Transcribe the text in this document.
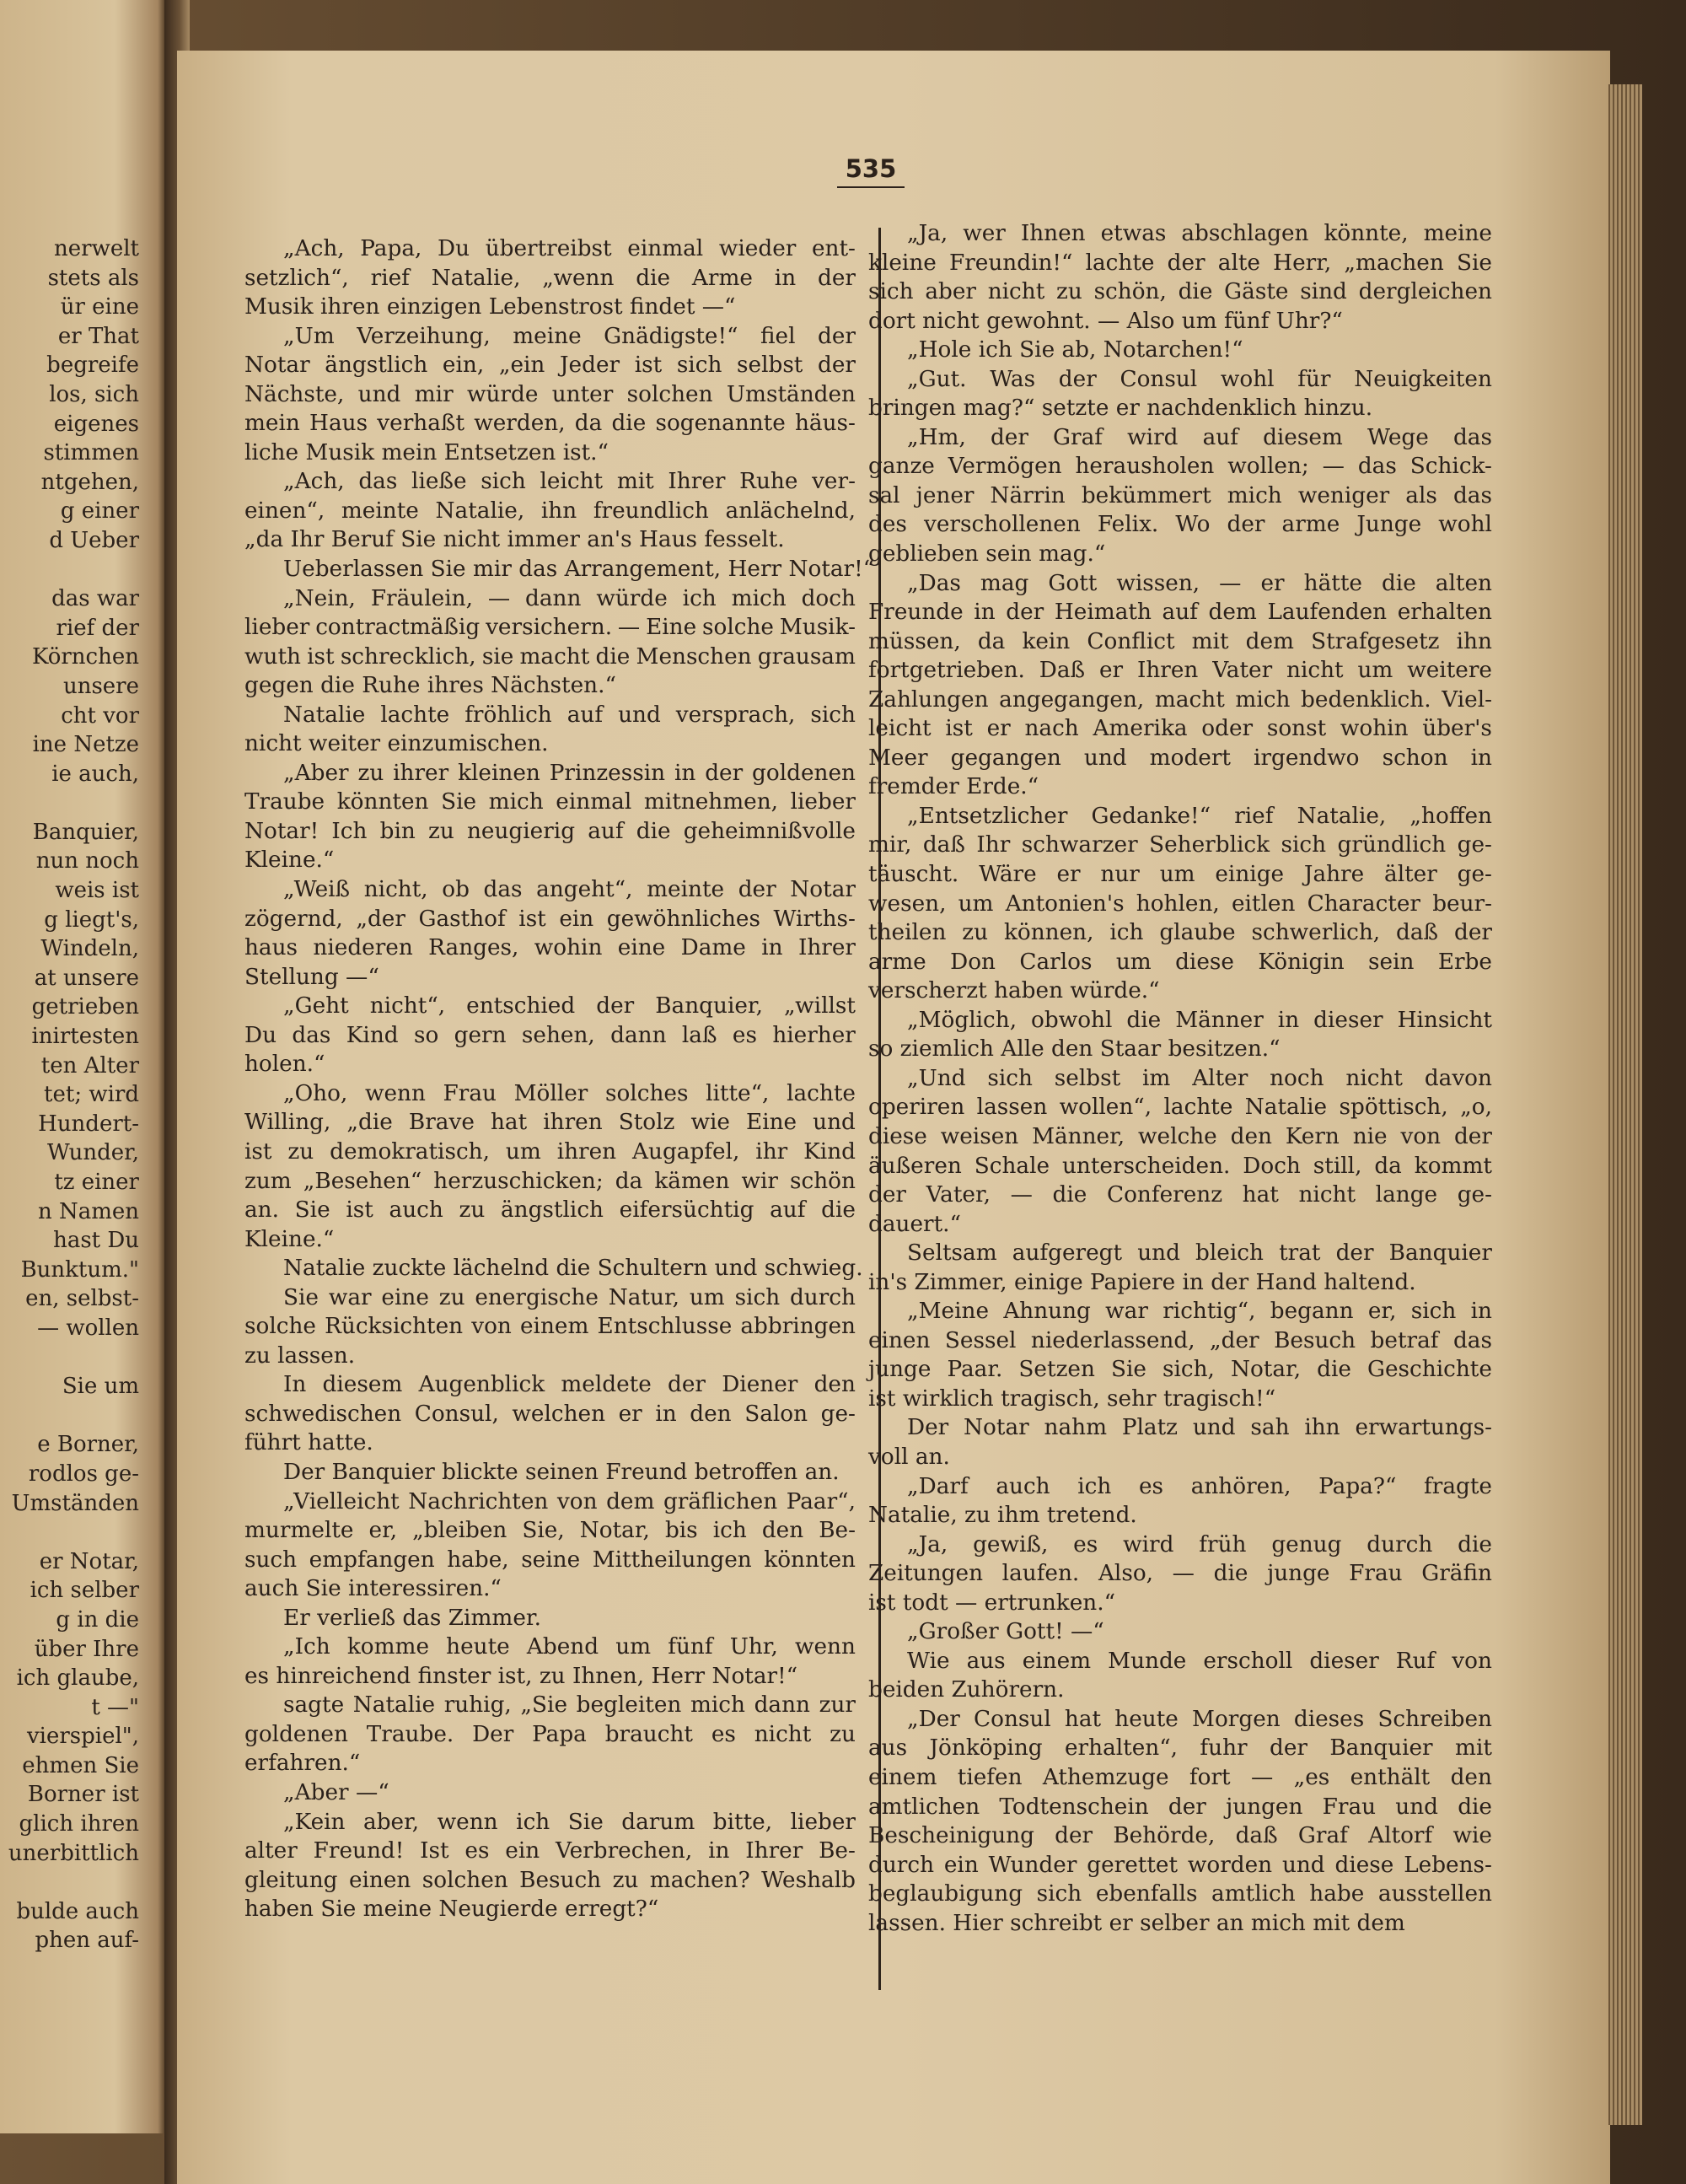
nerwelt
stets als
ür eine
er That
begreife
los, sich
eigenes
stimmen
ntgehen,
g einer
d Ueber
das war
rief der
Körnchen
unsere
cht vor
ine Netze
ie auch,
Banquier,
nun noch
weis ist
g liegt's,
Windeln,
at unsere
getrieben
inirtesten
ten Alter
tet; wird
Hundert-
Wunder,
tz einer
n Namen
hast Du
Bunktum."
en, selbst-
— wollen
Sie um
e Borner,
rodlos ge-
Umständen
er Notar,
ich selber
g in die
über Ihre
ich glaube,
t —"
vierspiel",
ehmen Sie
Borner ist
glich ihren
unerbittlich
bulde auch
phen auf-
535
„Ach, Papa, Du übertreibst einmal wieder ent-
setzlich“, rief Natalie, „wenn die Arme in der
Musik ihren einzigen Lebenstrost findet —“
„Um Verzeihung, meine Gnädigste!“ fiel der
Notar ängstlich ein, „ein Jeder ist sich selbst der
Nächste, und mir würde unter solchen Umständen
mein Haus verhaßt werden, da die sogenannte häus-
liche Musik mein Entsetzen ist.“
„Ach, das ließe sich leicht mit Ihrer Ruhe ver-
einen“, meinte Natalie, ihn freundlich anlächelnd,
„da Ihr Beruf Sie nicht immer an's Haus fesselt.
Ueberlassen Sie mir das Arrangement, Herr Notar!“
„Nein, Fräulein, — dann würde ich mich doch
lieber contractmäßig versichern. — Eine solche Musik-
wuth ist schrecklich, sie macht die Menschen grausam
gegen die Ruhe ihres Nächsten.“
Natalie lachte fröhlich auf und versprach, sich
nicht weiter einzumischen.
„Aber zu ihrer kleinen Prinzessin in der goldenen
Traube könnten Sie mich einmal mitnehmen, lieber
Notar! Ich bin zu neugierig auf die geheimnißvolle
Kleine.“
„Weiß nicht, ob das angeht“, meinte der Notar
zögernd, „der Gasthof ist ein gewöhnliches Wirths-
haus niederen Ranges, wohin eine Dame in Ihrer
Stellung —“
„Geht nicht“, entschied der Banquier, „willst
Du das Kind so gern sehen, dann laß es hierher
holen.“
„Oho, wenn Frau Möller solches litte“, lachte
Willing, „die Brave hat ihren Stolz wie Eine und
ist zu demokratisch, um ihren Augapfel, ihr Kind
zum „Besehen“ herzuschicken; da kämen wir schön
an. Sie ist auch zu ängstlich eifersüchtig auf die
Kleine.“
Natalie zuckte lächelnd die Schultern und schwieg.
Sie war eine zu energische Natur, um sich durch
solche Rücksichten von einem Entschlusse abbringen
zu lassen.
In diesem Augenblick meldete der Diener den
schwedischen Consul, welchen er in den Salon ge-
führt hatte.
Der Banquier blickte seinen Freund betroffen an.
„Vielleicht Nachrichten von dem gräflichen Paar“,
murmelte er, „bleiben Sie, Notar, bis ich den Be-
such empfangen habe, seine Mittheilungen könnten
auch Sie interessiren.“
Er verließ das Zimmer.
„Ich komme heute Abend um fünf Uhr, wenn
es hinreichend finster ist, zu Ihnen, Herr Notar!“
sagte Natalie ruhig, „Sie begleiten mich dann zur
goldenen Traube. Der Papa braucht es nicht zu
erfahren.“
„Aber —“
„Kein aber, wenn ich Sie darum bitte, lieber
alter Freund! Ist es ein Verbrechen, in Ihrer Be-
gleitung einen solchen Besuch zu machen? Weshalb
haben Sie meine Neugierde erregt?“
„Ja, wer Ihnen etwas abschlagen könnte, meine
kleine Freundin!“ lachte der alte Herr, „machen Sie
sich aber nicht zu schön, die Gäste sind dergleichen
dort nicht gewohnt. — Also um fünf Uhr?“
„Hole ich Sie ab, Notarchen!“
„Gut. Was der Consul wohl für Neuigkeiten
bringen mag?“ setzte er nachdenklich hinzu.
„Hm, der Graf wird auf diesem Wege das
ganze Vermögen herausholen wollen; — das Schick-
sal jener Närrin bekümmert mich weniger als das
des verschollenen Felix. Wo der arme Junge wohl
geblieben sein mag.“
„Das mag Gott wissen, — er hätte die alten
Freunde in der Heimath auf dem Laufenden erhalten
müssen, da kein Conflict mit dem Strafgesetz ihn
fortgetrieben. Daß er Ihren Vater nicht um weitere
Zahlungen angegangen, macht mich bedenklich. Viel-
leicht ist er nach Amerika oder sonst wohin über's
Meer gegangen und modert irgendwo schon in
fremder Erde.“
„Entsetzlicher Gedanke!“ rief Natalie, „hoffen
mir, daß Ihr schwarzer Seherblick sich gründlich ge-
täuscht. Wäre er nur um einige Jahre älter ge-
wesen, um Antonien's hohlen, eitlen Character beur-
theilen zu können, ich glaube schwerlich, daß der
arme Don Carlos um diese Königin sein Erbe
verscherzt haben würde.“
„Möglich, obwohl die Männer in dieser Hinsicht
so ziemlich Alle den Staar besitzen.“
„Und sich selbst im Alter noch nicht davon
operiren lassen wollen“, lachte Natalie spöttisch, „o,
diese weisen Männer, welche den Kern nie von der
äußeren Schale unterscheiden. Doch still, da kommt
der Vater, — die Conferenz hat nicht lange ge-
dauert.“
Seltsam aufgeregt und bleich trat der Banquier
in's Zimmer, einige Papiere in der Hand haltend.
„Meine Ahnung war richtig“, begann er, sich in
einen Sessel niederlassend, „der Besuch betraf das
junge Paar. Setzen Sie sich, Notar, die Geschichte
ist wirklich tragisch, sehr tragisch!“
Der Notar nahm Platz und sah ihn erwartungs-
voll an.
„Darf auch ich es anhören, Papa?“ fragte
Natalie, zu ihm tretend.
„Ja, gewiß, es wird früh genug durch die
Zeitungen laufen. Also, — die junge Frau Gräfin
ist todt — ertrunken.“
„Großer Gott! —“
Wie aus einem Munde erscholl dieser Ruf von
beiden Zuhörern.
„Der Consul hat heute Morgen dieses Schreiben
aus Jönköping erhalten“, fuhr der Banquier mit
einem tiefen Athemzuge fort — „es enthält den
amtlichen Todtenschein der jungen Frau und die
Bescheinigung der Behörde, daß Graf Altorf wie
durch ein Wunder gerettet worden und diese Lebens-
beglaubigung sich ebenfalls amtlich habe ausstellen
lassen. Hier schreibt er selber an mich mit dem
